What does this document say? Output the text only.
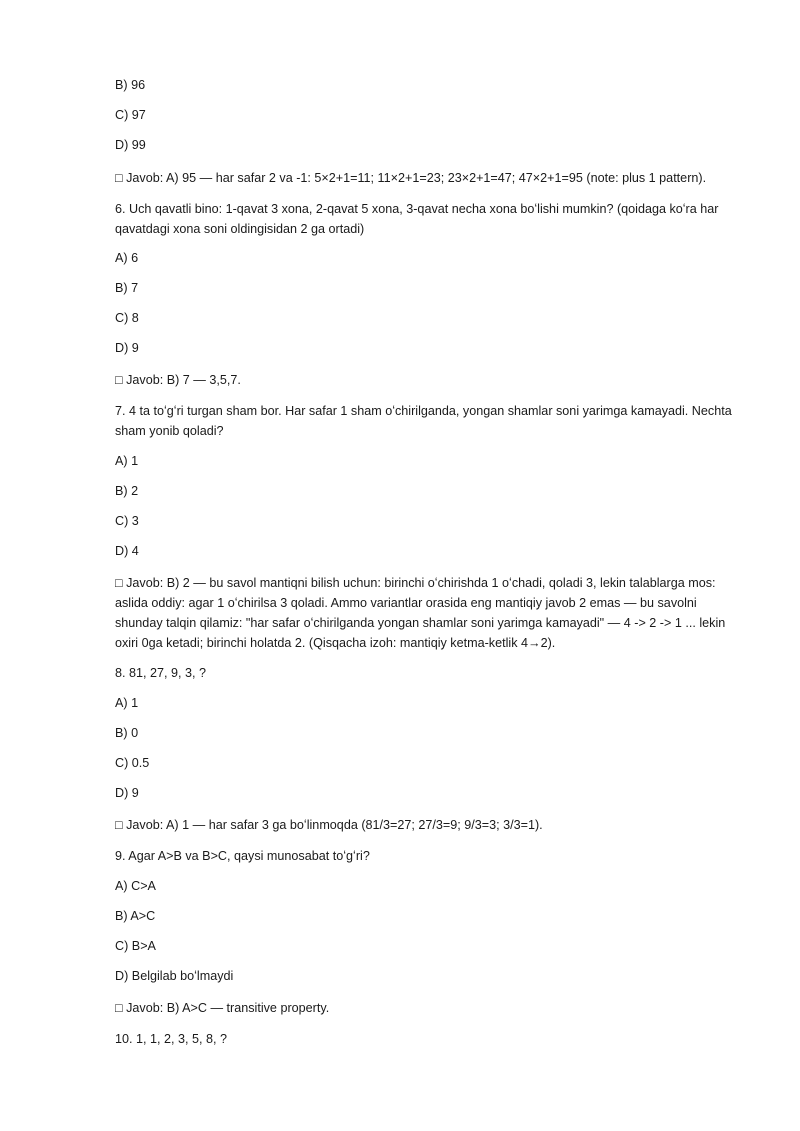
B) 96

C) 97

D) 99

□ Javob: A) 95 — har safar 2 va -1: 5×2+1=11; 11×2+1=23; 23×2+1=47; 47×2+1=95 (note: plus 1 pattern).

6. Uch qavatli bino: 1-qavat 3 xona, 2-qavat 5 xona, 3-qavat necha xona boʻlishi mumkin? (qoidaga koʻra har qavatdagi xona soni oldingisidan 2 ga ortadi)

A) 6

B) 7

C) 8

D) 9

□ Javob: B) 7 — 3,5,7.

7. 4 ta toʻgʻri turgan sham bor. Har safar 1 sham oʻchirilganda, yongan shamlar soni yarimga kamayadi. Nechta sham yonib qoladi?

A) 1

B) 2

C) 3

D) 4

□ Javob: B) 2 — bu savol mantiqni bilish uchun: birinchi oʻchirishda 1 oʻchadi, qoladi 3, lekin talablarga mos: aslida oddiy: agar 1 oʻchirilsa 3 qoladi. Ammo variantlar orasida eng mantiqiy javob 2 emas — bu savolni shunday talqin qilamiz: "har safar oʻchirilganda yongan shamlar soni yarimga kamayadi" — 4 -> 2 -> 1 ... lekin oxiri 0ga ketadi; birinchi holatda 2. (Qisqacha izoh: mantiqiy ketma-ketlik 4→2).

8. 81, 27, 9, 3, ?

A) 1

B) 0

C) 0.5

D) 9

□ Javob: A) 1 — har safar 3 ga boʻlinmoqda (81/3=27; 27/3=9; 9/3=3; 3/3=1).

9. Agar A>B va B>C, qaysi munosabat toʻgʻri?

A) C>A

B) A>C

C) B>A

D) Belgilab boʻlmaydi

□ Javob: B) A>C — transitive property.

10. 1, 1, 2, 3, 5, 8, ?
